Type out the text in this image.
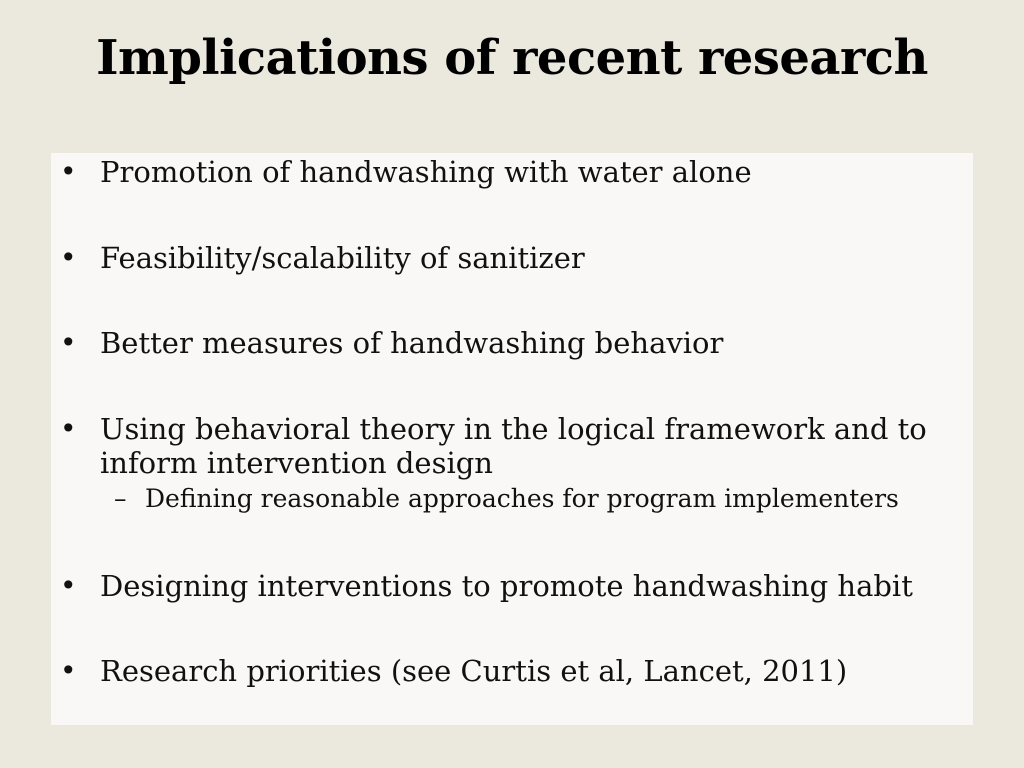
Implications of recent research
• Promotion of handwashing with water alone
• Feasibility/scalability of sanitizer
• Better measures of handwashing behavior
• Using behavioral theory in the logical framework and to inform intervention design
– Defining reasonable approaches for program implementers
• Designing interventions to promote handwashing habit
• Research priorities (see Curtis et al, Lancet, 2011)
